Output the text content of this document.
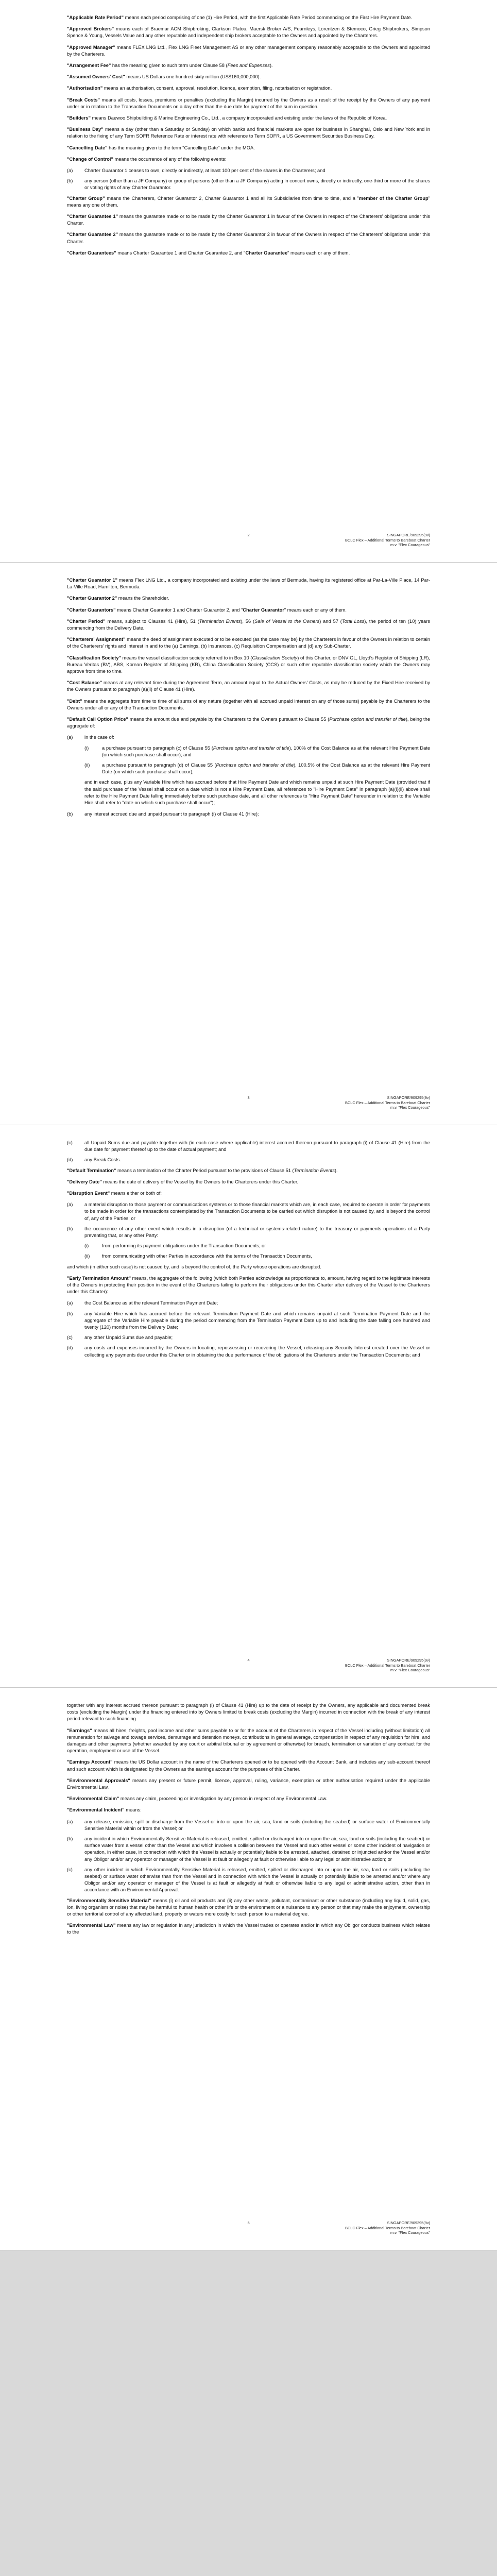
"Applicable Rate Period" means each period comprising of one (1) Hire Period, with the first Applicable Rate Period commencing on the First Hire Payment Date.
"Approved Brokers" means each of Braemar ACM Shipbroking, Clarkson Platou, Maersk Broker A/S, Fearnleys, Lorentzen & Stemoco, Grieg Shipbrokers, Simpson Spence & Young, Vessels Value and any other reputable and independent ship brokers acceptable to the Owners and appointed by the Charterers.
"Approved Manager" means FLEX LNG Ltd., Flex LNG Fleet Management AS or any other management company reasonably acceptable to the Owners and appointed by the Charterers.
"Arrangement Fee" has the meaning given to such term under Clause 58 (Fees and Expenses).
"Assumed Owners' Cost" means US Dollars one hundred sixty million (US$160,000,000).
"Authorisation" means an authorisation, consent, approval, resolution, licence, exemption, filing, notarisation or registration.
"Break Costs" means all costs, losses, premiums or penalties (excluding the Margin) incurred by the Owners as a result of the receipt by the Owners of any payment under or in relation to the Transaction Documents on a day other than the due date for payment of the sum in question.
"Builders" means Daewoo Shipbuilding & Marine Engineering Co., Ltd., a company incorporated and existing under the laws of the Republic of Korea.
"Business Day" means a day (other than a Saturday or Sunday) on which banks and financial markets are open for business in Shanghai, Oslo and New York and in relation to the fixing of any Term SOFR Reference Rate or interest rate with reference to Term SOFR, a US Government Securities Business Day.
"Cancelling Date" has the meaning given to the term "Cancelling Date" under the MOA.
"Change of Control" means the occurrence of any of the following events:
(a)	Charter Guarantor 1 ceases to own, directly or indirectly, at least 100 per cent of the shares in the Charterers; and
(b)	any person (other than a JF Company) or group of persons (other than a JF Company) acting in concert owns, directly or indirectly, one-third or more of the shares or voting rights of any Charter Guarantor.
"Charter Group" means the Charterers, Charter Guarantor 2, Charter Guarantor 1 and all its Subsidiaries from time to time, and a "member of the Charter Group" means any one of them.
"Charter Guarantee 1" means the guarantee made or to be made by the Charter Guarantor 1 in favour of the Owners in respect of the Charterers' obligations under this Charter.
"Charter Guarantee 2" means the guarantee made or to be made by the Charter Guarantor 2 in favour of the Owners in respect of the Charterers' obligations under this Charter.
"Charter Guarantees" means Charter Guarantee 1 and Charter Guarantee 2, and "Charter Guarantee" means each or any of them.
2	SINGAPORE/909295(9v)
BCLC Flex – Additional Terms to Bareboat Charter
m.v. "Flex Courageous"
"Charter Guarantor 1" means Flex LNG Ltd., a company incorporated and existing under the laws of Bermuda, having its registered office at Par-La-Ville Place, 14 Par-La-Ville Road, Hamilton, Bermuda.
"Charter Guarantor 2" means the Shareholder.
"Charter Guarantors" means Charter Guarantor 1 and Charter Guarantor 2, and "Charter Guarantor" means each or any of them.
"Charter Period" means, subject to Clauses 41 (Hire), 51 (Termination Events), 56 (Sale of Vessel to the Owners) and 57 (Total Loss), the period of ten (10) years commencing from the Delivery Date.
"Charterers' Assignment" means the deed of assignment executed or to be executed (as the case may be) by the Charterers in favour of the Owners in relation to certain of the Charterers' rights and interest in and to the (a) Earnings, (b) Insurances, (c) Requisition Compensation and (d) any Sub-Charter.
"Classification Society" means the vessel classification society referred to in Box 10 (Classification Society) of this Charter, or DNV GL, Lloyd's Register of Shipping (LR), Bureau Veritas (BV), ABS, Korean Register of Shipping (KR), China Classification Society (CCS) or such other reputable classification society which the Owners may approve from time to time.
"Cost Balance" means at any relevant time during the Agreement Term, an amount equal to the Actual Owners' Costs, as may be reduced by the Fixed Hire received by the Owners pursuant to paragraph (a)(ii) of Clause 41 (Hire).
"Debt" means the aggregate from time to time of all sums of any nature (together with all accrued unpaid interest on any of those sums) payable by the Charterers to the Owners under all or any of the Transaction Documents.
"Default Call Option Price" means the amount due and payable by the Charterers to the Owners pursuant to Clause 55 (Purchase option and transfer of title), being the aggregate of:
(a)	in the case of:
(i)	a purchase pursuant to paragraph (c) of Clause 55 (Purchase option and transfer of title), 100% of the Cost Balance as at the relevant Hire Payment Date (on which such purchase shall occur); and
(ii)	a purchase pursuant to paragraph (d) of Clause 55 (Purchase option and transfer of title), 100.5% of the Cost Balance as at the relevant Hire Payment Date (on which such purchase shall occur),
and in each case, plus any Variable Hire which has accrued before that Hire Payment Date and which remains unpaid at such Hire Payment Date (provided that if the said purchase of the Vessel shall occur on a date which is not a Hire Payment Date, all references to "Hire Payment Date" in paragraph (a)(i)(ii) above shall refer to the Hire Payment Date falling immediately before such purchase date, and all other references to "Hire Payment Date" hereunder in relation to the Variable Hire shall refer to "date on which such purchase shall occur");
(b)	any interest accrued due and unpaid pursuant to paragraph (i) of Clause 41 (Hire);
3	SINGAPORE/909295(9v)
BCLC Flex – Additional Terms to Bareboat Charter
m.v. "Flex Courageous"
(c)	all Unpaid Sums due and payable together with (in each case where applicable) interest accrued thereon pursuant to paragraph (i) of Clause 41 (Hire) from the due date for payment thereof up to the date of actual payment; and
(d)	any Break Costs.
"Default Termination" means a termination of the Charter Period pursuant to the provisions of Clause 51 (Termination Events).
"Delivery Date" means the date of delivery of the Vessel by the Owners to the Charterers under this Charter.
"Disruption Event" means either or both of:
(a)	a material disruption to those payment or communications systems or to those financial markets which are, in each case, required to operate in order for payments to be made in order for the transactions contemplated by the Transaction Documents to be carried out which disruption is not caused by, and is beyond the control of, any of the Parties; or
(b)	the occurrence of any other event which results in a disruption (of a technical or systems-related nature) to the treasury or payments operations of a Party preventing that, or any other Party:
(i)	from performing its payment obligations under the Transaction Documents; or
(ii)	from communicating with other Parties in accordance with the terms of the Transaction Documents,
and which (in either such case) is not caused by, and is beyond the control of, the Party whose operations are disrupted.
"Early Termination Amount" means, the aggregate of the following (which both Parties acknowledge as proportionate to, amount, having regard to the legitimate interests of the Owners in protecting their position in the event of the Charterers failing to perform their obligations under this Charter after delivery of the Vessel to the Charterers under this Charter):
(a)	the Cost Balance as at the relevant Termination Payment Date;
(b)	any Variable Hire which has accrued before the relevant Termination Payment Date and which remains unpaid at such Termination Payment Date and the aggregate of the Variable Hire payable during the period commencing from the Termination Payment Date up to and including the date falling one hundred and twenty (120) months from the Delivery Date;
(c)	any other Unpaid Sums due and payable;
(d)	any costs and expenses incurred by the Owners in locating, repossessing or recovering the Vessel, releasing any Security Interest created over the Vessel or collecting any payments due under this Charter or in obtaining the due performance of the obligations of the Charterers under the Transaction Documents; and
4	SINGAPORE/909295(9v)
BCLC Flex – Additional Terms to Bareboat Charter
m.v. "Flex Courageous"
together with any interest accrued thereon pursuant to paragraph (i) of Clause 41 (Hire) up to the date of receipt by the Owners, any applicable and documented break costs (excluding the Margin) under the financing entered into by Owners limited to break costs (excluding the Margin) incurred in connection with the break of any interest period relevant to such financing.
"Earnings" means all hires, freights, pool income and other sums payable to or for the account of the Charterers in respect of the Vessel including (without limitation) all remuneration for salvage and towage services, demurrage and detention moneys, contributions in general average, compensation in respect of any requisition for hire, and damages and other payments (whether awarded by any court or arbitral tribunal or by agreement or otherwise) for breach, termination or variation of any contract for the operation, employment or use of the Vessel.
"Earnings Account" means the US Dollar account in the name of the Charterers opened or to be opened with the Account Bank, and includes any sub-account thereof and such account which is designated by the Owners as the earnings account for the purposes of this Charter.
"Environmental Approvals" means any present or future permit, licence, approval, ruling, variance, exemption or other authorisation required under the applicable Environmental Law.
"Environmental Claim" means any claim, proceeding or investigation by any person in respect of any Environmental Law.
"Environmental Incident" means:
(a)	any release, emission, spill or discharge from the Vessel or into or upon the air, sea, land or soils (including the seabed) or surface water of Environmentally Sensitive Material within or from the Vessel; or
(b)	any incident in which Environmentally Sensitive Material is released, emitted, spilled or discharged into or upon the air, sea, land or soils (including the seabed) or surface water from a vessel other than the Vessel and which involves a collision between the Vessel and such other vessel or some other incident of navigation or operation, in either case, in connection with which the Vessel is actually or potentially liable to be arrested, attached, detained or injuncted and/or the Vessel and/or any Obligor and/or any operator or manager of the Vessel is at fault or allegedly at fault or otherwise liable to any legal or administrative action; or
(c)	any other incident in which Environmentally Sensitive Material is released, emitted, spilled or discharged into or upon the air, sea, land or soils (including the seabed) or surface water otherwise than from the Vessel and in connection with which the Vessel is actually or potentially liable to be arrested and/or where any Obligor and/or any operator or manager of the Vessel is at fault or allegedly at fault or otherwise liable to any legal or administrative action, other than in accordance with an Environmental Approval.
"Environmentally Sensitive Material" means (i) oil and oil products and (ii) any other waste, pollutant, contaminant or other substance (including any liquid, solid, gas, ion, living organism or noise) that may be harmful to human health or other life or the environment or a nuisance to any person or that may make the enjoyment, ownership or other territorial control of any affected land, property or waters more costly for such person to a material degree.
"Environmental Law" means any law or regulation in any jurisdiction in which the Vessel trades or operates and/or in which any Obligor conducts business which relates to the
5	SINGAPORE/909295(9v)
BCLC Flex – Additional Terms to Bareboat Charter
m.v. "Flex Courageous"
